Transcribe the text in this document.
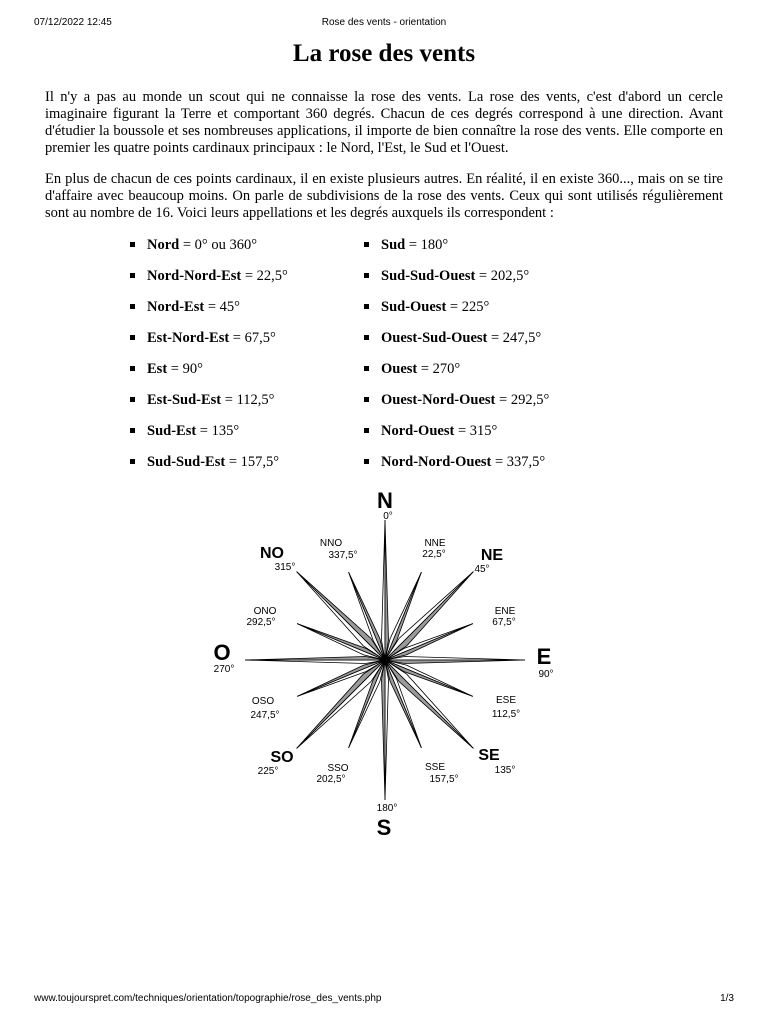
07/12/2022 12:45	Rose des vents - orientation
La rose des vents

Il n'y a pas au monde un scout qui ne connaisse la rose des vents. La rose des vents, c'est d'abord un cercle imaginaire figurant la Terre et comportant 360 degrés. Chacun de ces degrés correspond à une direction. Avant d'étudier la boussole et ses nombreuses applications, il importe de bien connaître la rose des vents. Elle comporte en premier les quatre points cardinaux principaux : le Nord, l'Est, le Sud et l'Ouest.

En plus de chacun de ces points cardinaux, il en existe plusieurs autres. En réalité, il en existe 360..., mais on se tire d'affaire avec beaucoup moins. On parle de subdivisions de la rose des vents. Ceux qui sont utilisés régulièrement sont au nombre de 16. Voici leurs appellations et les degrés auxquels ils correspondent :

Nord = 0° ou 360°
Nord-Nord-Est = 22,5°
Nord-Est = 45°
Est-Nord-Est = 67,5°
Est = 90°
Est-Sud-Est = 112,5°
Sud-Est = 135°
Sud-Sud-Est = 157,5°
Sud = 180°
Sud-Sud-Ouest = 202,5°
Sud-Ouest = 225°
Ouest-Sud-Ouest = 247,5°
Ouest = 270°
Ouest-Nord-Ouest = 292,5°
Nord-Ouest = 315°
Nord-Nord-Ouest = 337,5°
N
0°
E
90°
S
180°
O
270°
NE
45°
SE
135°
SO
225°
NO
315°
NNE
22,5°
ENE
67,5°
ESE
112,5°
SSE
157,5°
SSO
202,5°
OSO
247,5°
ONO
292,5°
NNO
337,5°
www.toujourspret.com/techniques/orientation/topographie/rose_des_vents.php	1/3
